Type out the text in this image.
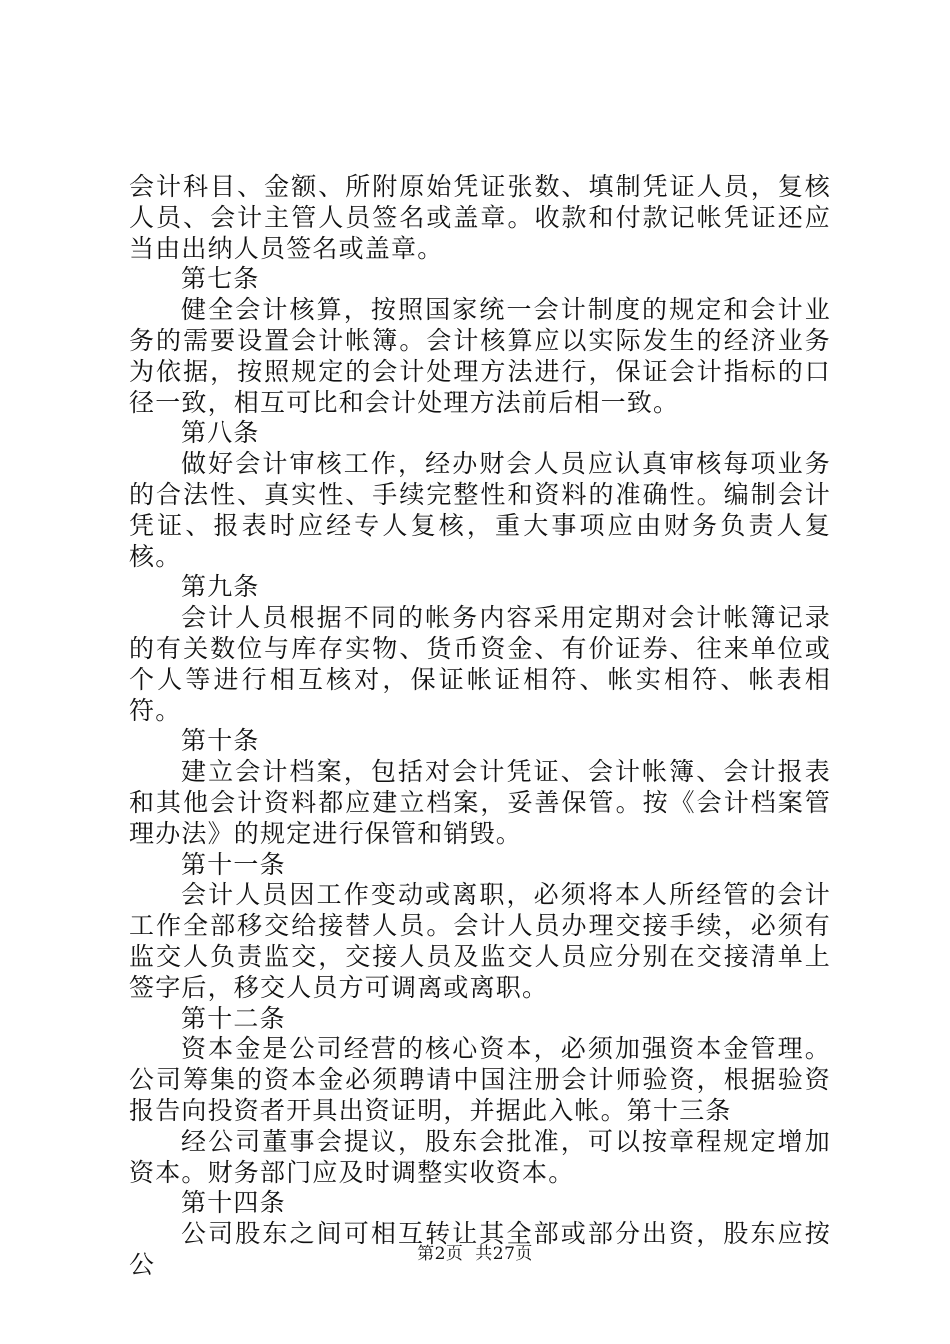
会计科目、金额、所附原始凭证张数、填制凭证人员，复核人员、会计主管人员签名或盖章。收款和付款记帐凭证还应当由出纳人员签名或盖章。

第七条

健全会计核算，按照国家统一会计制度的规定和会计业务的需要设置会计帐簿。会计核算应以实际发生的经济业务为依据，按照规定的会计处理方法进行，保证会计指标的口径一致，相互可比和会计处理方法前后相一致。

第八条

做好会计审核工作，经办财会人员应认真审核每项业务的合法性、真实性、手续完整性和资料的准确性。编制会计凭证、报表时应经专人复核，重大事项应由财务负责人复核。

第九条

会计人员根据不同的帐务内容采用定期对会计帐簿记录的有关数位与库存实物、货币资金、有价证券、往来单位或个人等进行相互核对，保证帐证相符、帐实相符、帐表相符。

第十条

建立会计档案，包括对会计凭证、会计帐簿、会计报表和其他会计资料都应建立档案，妥善保管。按《会计档案管理办法》的规定进行保管和销毁。

第十一条

会计人员因工作变动或离职，必须将本人所经管的会计工作全部移交给接替人员。会计人员办理交接手续，必须有监交人负责监交，交接人员及监交人员应分别在交接清单上签字后，移交人员方可调离或离职。

第十二条

资本金是公司经营的核心资本，必须加强资本金管理。公司筹集的资本金必须聘请中国注册会计师验资，根据验资报告向投资者开具出资证明，并据此入帐。第十三条

经公司董事会提议，股东会批准，可以按章程规定增加资本。财务部门应及时调整实收资本。

第十四条

公司股东之间可相互转让其全部或部分出资，股东应按公	第2页 共27页
